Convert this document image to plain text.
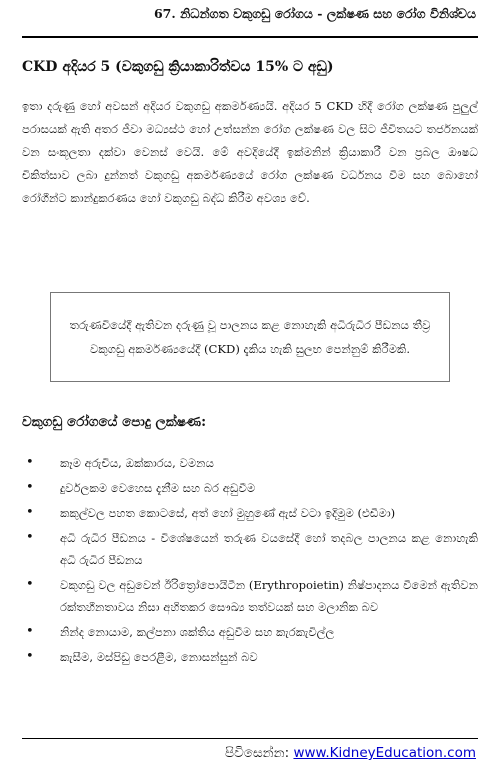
67. නිධන්ගත වකුගඩු රෝගය - ලක්ෂණ සහ රෝග විනිශ්චය
CKD අදියර 5 (වකුගඩු ක්‍රියාකාරිත්වය 15% ට අඩු)
ඉතා දරුණු හෝ අවසන් අදියර වකුගඩු අකර්මණ්‍යයි. අදියර 5 CKD හිදී රෝග ලක්ෂණ පුලුල් පරාසයක් ඇති අතර ජීවා මධ්‍යස්ථ හෝ උත්සන්න රෝග ලක්ෂණ වල සිට ජීවිතයට තර්ජනයක් වන සංකූලතා දක්වා වෙනස් වෙයි. මේ අවදියේදී ඉක්මනින් ක්‍රියාකාරී වන ප්‍රබල ඖෂධ චිකිත්සාව ලබා දුන්නත් වකුගඩු අකර්මණ්‍යයේ රෝග ලක්ෂණ වර්ධනය වීම සහ බොහෝ රෝගීන්ට කාන්දුකරණය හෝ වකුගඩු බද්ධ කිරීම අවශ්‍ය වේ.
තරුණවියේදී ඇතිවන දරුණු වූ පාලනය කළ නොහැකි අධිරුධිර පීඩනය තීව්‍ර වකුගඩු අකර්මණ්‍යයේදී (CKD) දැකිය හැකි සුලභ පෙන්නුම් කිරීමකි.
වකුගඩු රෝගයේ පොදු ලක්ෂණ:
• කෑම අරුචිය, ඔක්කාරය, වමනය
• දුර්වලකම වෙහෙස දැනීම සහ බර අඩුවීම
• කකුල්වල පහත කොටසේ, අත් හෝ මුහුණේ ඇස් වටා ඉදිමුම (එඩීමා)
• අධි රුධිර පීඩනය - විශේෂයෙන් තරුණ වයසේදී හෝ තදබල පාලනය කළ නොහැකි අධි රුධිර පීඩනය
• වකුගඩු වල අඩුවෙන් ඊරිත්‍රෝපොයිටීන (Erythropoietin) නිෂ්පාදනය වීමෙන් ඇතිවන රක්තහීනතාවය නිසා අහිතකර සෞඛ්‍ය තත්වයක් සහ මලානික බව
• නින්ද නොයාම, කල්පනා ශක්තිය අඩුවීම සහ කැරකැවිල්ල
• කැසීම, මස්පිඩු පෙරළීම, නොසන්සුන් බව
පිවිසෙන්න: www.KidneyEducation.com
